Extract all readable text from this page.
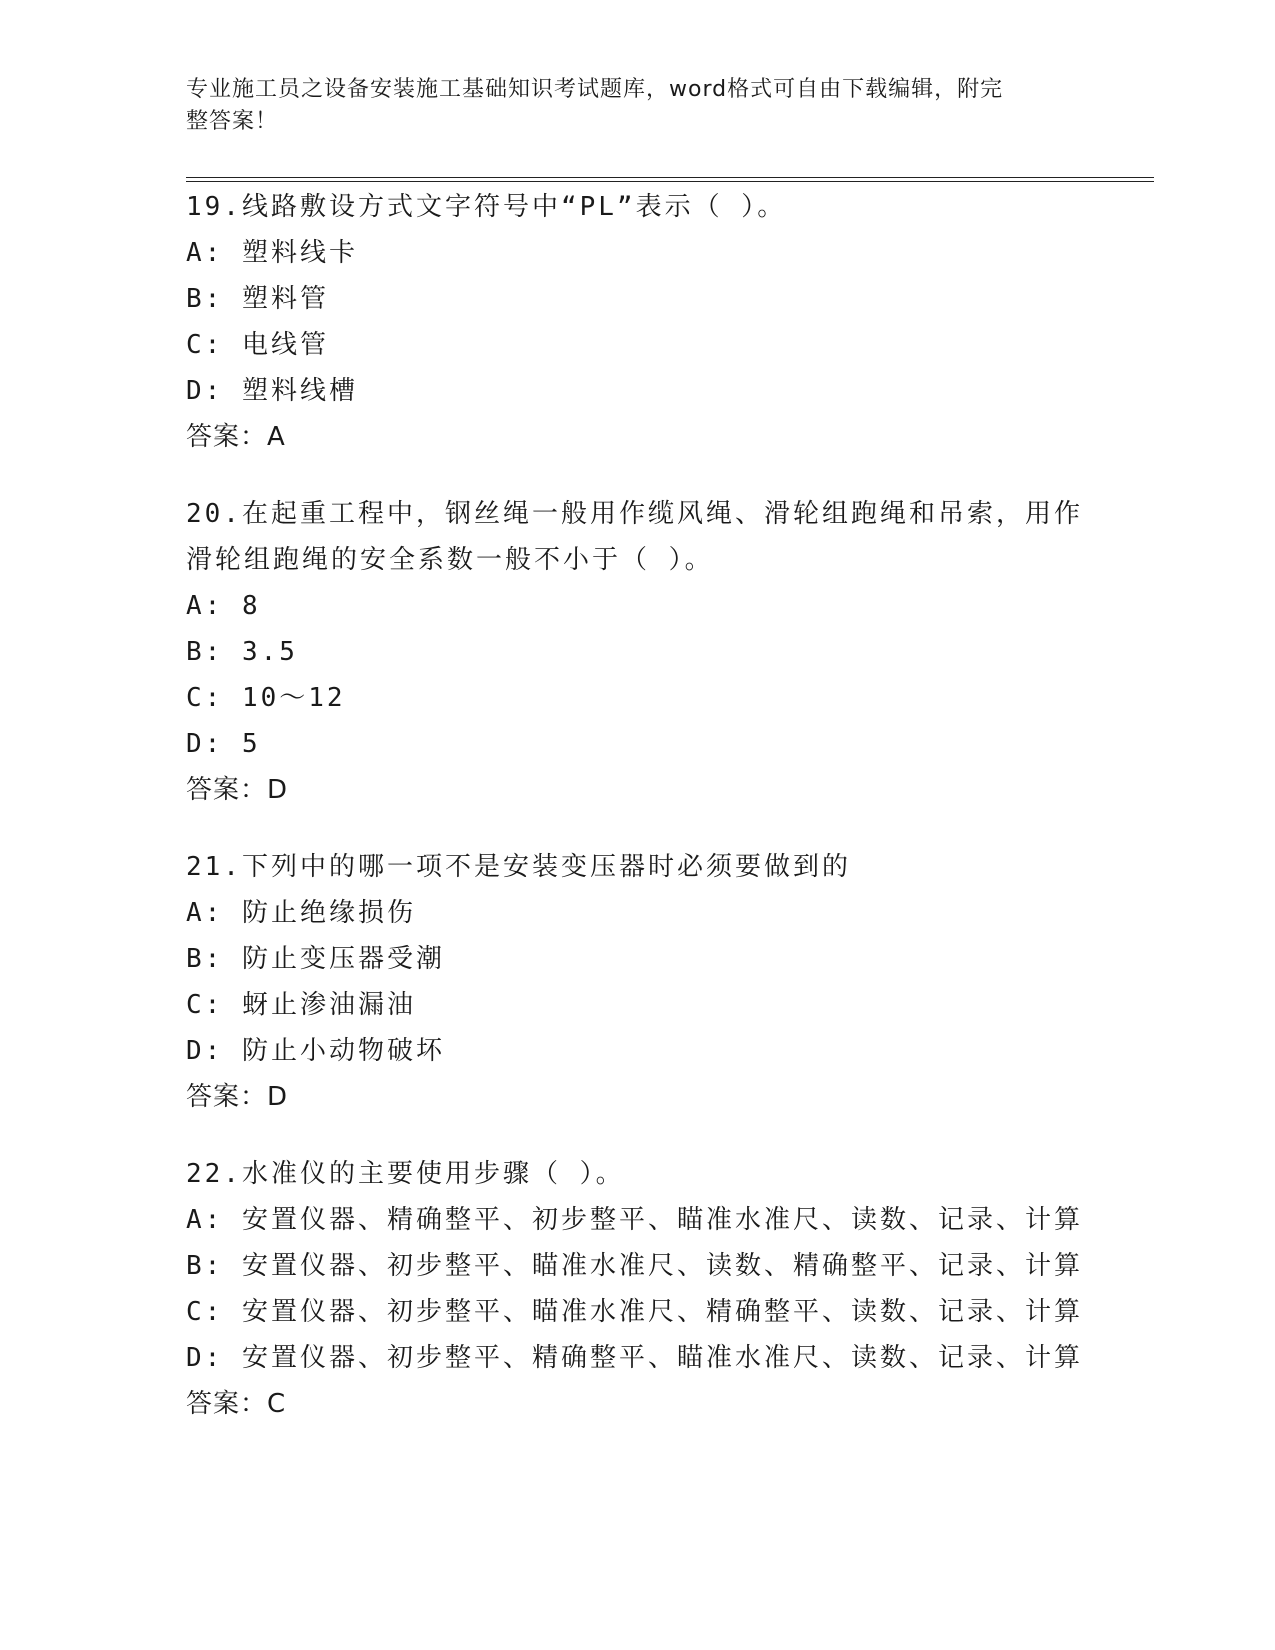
专业施工员之设备安装施工基础知识考试题库，word格式可自由下载编辑，附完
整答案！
19.线路敷设方式文字符号中“PL”表示（ ）。
A: 塑料线卡
B: 塑料管
C: 电线管
D: 塑料线槽
答案：A
20.在起重工程中，钢丝绳一般用作缆风绳、滑轮组跑绳和吊索，用作
滑轮组跑绳的安全系数一般不小于（ ）。
A: 8
B: 3.5
C: 10～12
D: 5
答案：D
21.下列中的哪一项不是安装变压器时必须要做到的
A: 防止绝缘损伤
B: 防止变压器受潮
C: 蚜止渗油漏油
D: 防止小动物破坏
答案：D
22.水准仪的主要使用步骤（ ）。
A: 安置仪器、精确整平、初步整平、瞄准水准尺、读数、记录、计算
B: 安置仪器、初步整平、瞄准水准尺、读数、精确整平、记录、计算
C: 安置仪器、初步整平、瞄准水准尺、精确整平、读数、记录、计算
D: 安置仪器、初步整平、精确整平、瞄准水准尺、读数、记录、计算
答案：C
